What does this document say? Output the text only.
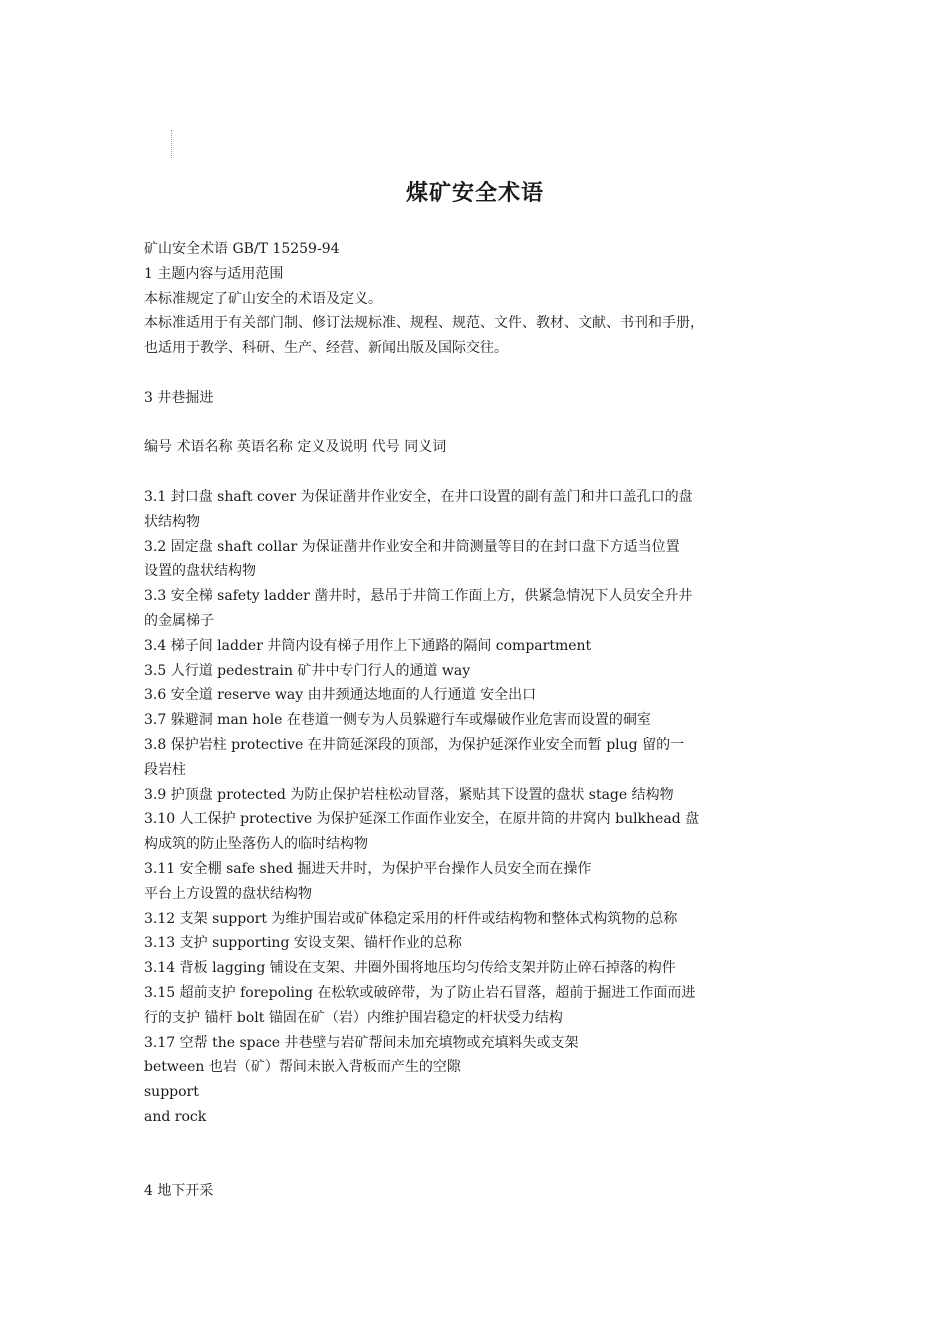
煤矿安全术语
矿山安全术语 GB/T 15259-94
1 主题内容与适用范围
本标准规定了矿山安全的术语及定义。
本标准适用于有关部门制、修订法规标准、规程、规范、文件、教材、文献、书刊和手册，
也适用于教学、科研、生产、经营、新闻出版及国际交往。
3 井巷掘进
编号 术语名称 英语名称 定义及说明 代号 同义词
3.1 封口盘 shaft cover 为保证凿井作业安全，在井口设置的副有盖门和井口盖孔口的盘
状结构物
3.2 固定盘 shaft collar 为保证凿井作业安全和井筒测量等目的在封口盘下方适当位置
设置的盘状结构物
3.3 安全梯 safety ladder 凿井时，悬吊于井筒工作面上方，供紧急情况下人员安全升井
的金属梯子
3.4 梯子间 ladder 井筒内设有梯子用作上下通路的隔间 compartment
3.5 人行道 pedestrain 矿井中专门行人的通道 way
3.6 安全道 reserve way 由井颈通达地面的人行通道 安全出口
3.7 躲避洞 man hole 在巷道一侧专为人员躲避行车或爆破作业危害而设置的硐室
3.8 保护岩柱 protective 在井筒延深段的顶部，为保护延深作业安全而暂 plug 留的一
段岩柱
3.9 护顶盘 protected 为防止保护岩柱松动冒落，紧贴其下设置的盘状 stage 结构物
3.10 人工保护 protective 为保护延深工作面作业安全，在原井筒的井窝内 bulkhead 盘
构成筑的防止坠落伤人的临时结构物
3.11 安全棚 safe shed 掘进天井时，为保护平台操作人员安全而在操作
平台上方设置的盘状结构物
3.12 支架 support 为维护围岩或矿体稳定采用的杆件或结构物和整体式构筑物的总称
3.13 支护 supporting 安设支架、锚杆作业的总称
3.14 背板 lagging 铺设在支架、井圈外围将地压均匀传给支架并防止碎石掉落的构件
3.15 超前支护 forepoling 在松软或破碎带，为了防止岩石冒落，超前于掘进工作面而进
行的支护 锚杆 bolt 锚固在矿（岩）内维护围岩稳定的杆状受力结构
3.17 空帮 the space 井巷壁与岩矿帮间未加充填物或充填料失或支架
between 也岩（矿）帮间未嵌入背板而产生的空隙
support
and rock
4 地下开采
